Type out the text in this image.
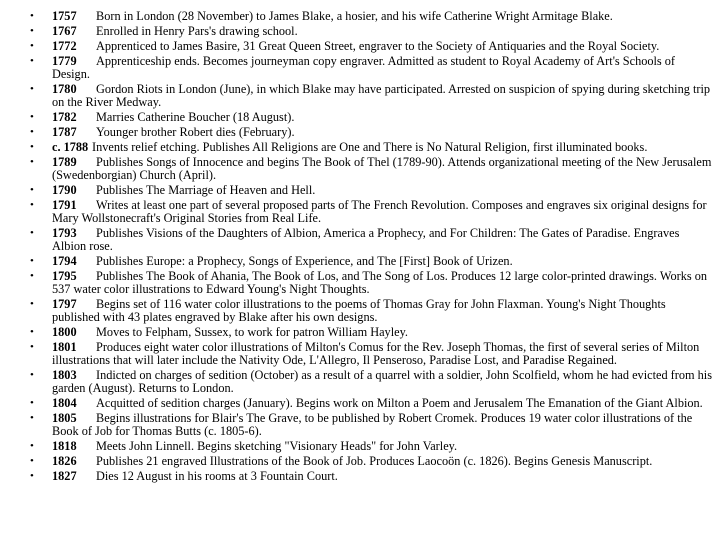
• 1757 Born in London (28 November) to James Blake, a hosier, and his wife Catherine Wright Armitage Blake.
• 1767 Enrolled in Henry Pars's drawing school.
• 1772 Apprenticed to James Basire, 31 Great Queen Street, engraver to the Society of Antiquaries and the Royal Society.
• 1779 Apprenticeship ends. Becomes journeyman copy engraver. Admitted as student to Royal Academy of Art's Schools of Design.
• 1780 Gordon Riots in London (June), in which Blake may have participated. Arrested on suspicion of spying during sketching trip on the River Medway.
• 1782 Marries Catherine Boucher (18 August).
• 1787 Younger brother Robert dies (February).
• c. 1788 Invents relief etching. Publishes All Religions are One and There is No Natural Religion, first illuminated books.
• 1789 Publishes Songs of Innocence and begins The Book of Thel (1789-90). Attends organizational meeting of the New Jerusalem (Swedenborgian) Church (April).
• 1790 Publishes The Marriage of Heaven and Hell.
• 1791 Writes at least one part of several proposed parts of The French Revolution. Composes and engraves six original designs for Mary Wollstonecraft's Original Stories from Real Life.
• 1793 Publishes Visions of the Daughters of Albion, America a Prophecy, and For Children: The Gates of Paradise. Engraves Albion rose.
• 1794 Publishes Europe: a Prophecy, Songs of Experience, and The [First] Book of Urizen.
• 1795 Publishes The Book of Ahania, The Book of Los, and The Song of Los. Produces 12 large color-printed drawings. Works on 537 water color illustrations to Edward Young's Night Thoughts.
• 1797 Begins set of 116 water color illustrations to the poems of Thomas Gray for John Flaxman. Young's Night Thoughts published with 43 plates engraved by Blake after his own designs.
• 1800 Moves to Felpham, Sussex, to work for patron William Hayley.
• 1801 Produces eight water color illustrations of Milton's Comus for the Rev. Joseph Thomas, the first of several series of Milton illustrations that will later include the Nativity Ode, L'Allegro, Il Penseroso, Paradise Lost, and Paradise Regained.
• 1803 Indicted on charges of sedition (October) as a result of a quarrel with a soldier, John Scolfield, whom he had evicted from his garden (August). Returns to London.
• 1804 Acquitted of sedition charges (January). Begins work on Milton a Poem and Jerusalem The Emanation of the Giant Albion.
• 1805 Begins illustrations for Blair's The Grave, to be published by Robert Cromek. Produces 19 water color illustrations of the Book of Job for Thomas Butts (c. 1805-6).
• 1818 Meets John Linnell. Begins sketching "Visionary Heads" for John Varley.
• 1826 Publishes 21 engraved Illustrations of the Book of Job. Produces Laocoön (c. 1826). Begins Genesis Manuscript.
• 1827 Dies 12 August in his rooms at 3 Fountain Court.
